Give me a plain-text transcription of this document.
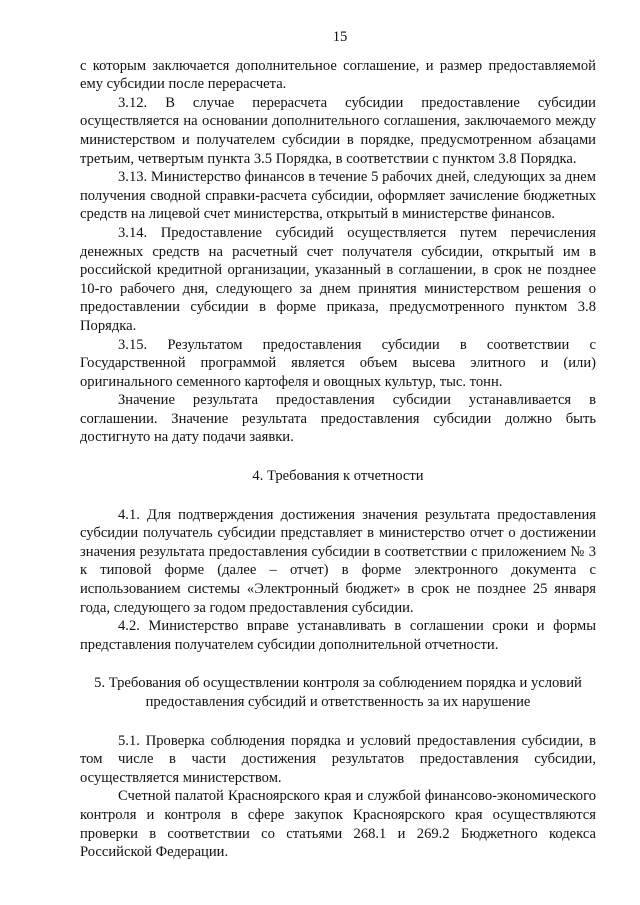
15

с которым заключается дополнительное соглашение, и размер предоставляемой ему субсидии после перерасчета.

3.12. В случае перерасчета субсидии предоставление субсидии осуществляется на основании дополнительного соглашения, заключаемого между министерством и получателем субсидии в порядке, предусмотренном абзацами третьим, четвертым пункта 3.5 Порядка, в соответствии с пунктом 3.8 Порядка.

3.13. Министерство финансов в течение 5 рабочих дней, следующих за днем получения сводной справки-расчета субсидии, оформляет зачисление бюджетных средств на лицевой счет министерства, открытый в министерстве финансов.

3.14. Предоставление субсидий осуществляется путем перечисления денежных средств на расчетный счет получателя субсидии, открытый им в российской кредитной организации, указанный в соглашении, в срок не позднее 10-го рабочего дня, следующего за днем принятия министерством решения о предоставлении субсидии в форме приказа, предусмотренного пунктом 3.8 Порядка.

3.15. Результатом предоставления субсидии в соответствии с Государственной программой является объем высева элитного и (или) оригинального семенного картофеля и овощных культур, тыс. тонн.

Значение результата предоставления субсидии устанавливается в соглашении. Значение результата предоставления субсидии должно быть достигнуто на дату подачи заявки.

4. Требования к отчетности

4.1. Для подтверждения достижения значения результата предоставления субсидии получатель субсидии представляет в министерство отчет о достижении значения результата предоставления субсидии в соответствии с приложением № 3 к типовой форме (далее – отчет) в форме электронного документа с использованием системы «Электронный бюджет» в срок не позднее 25 января года, следующего за годом предоставления субсидии.

4.2. Министерство вправе устанавливать в соглашении сроки и формы представления получателем субсидии дополнительной отчетности.

5. Требования об осуществлении контроля за соблюдением порядка и условий
предоставления субсидий и ответственность за их нарушение

5.1. Проверка соблюдения порядка и условий предоставления субсидии, в том числе в части достижения результатов предоставления субсидии, осуществляется министерством.

Счетной палатой Красноярского края и службой финансово-экономического контроля и контроля в сфере закупок Красноярского края осуществляются проверки в соответствии со статьями 268.1 и 269.2 Бюджетного кодекса Российской Федерации.
